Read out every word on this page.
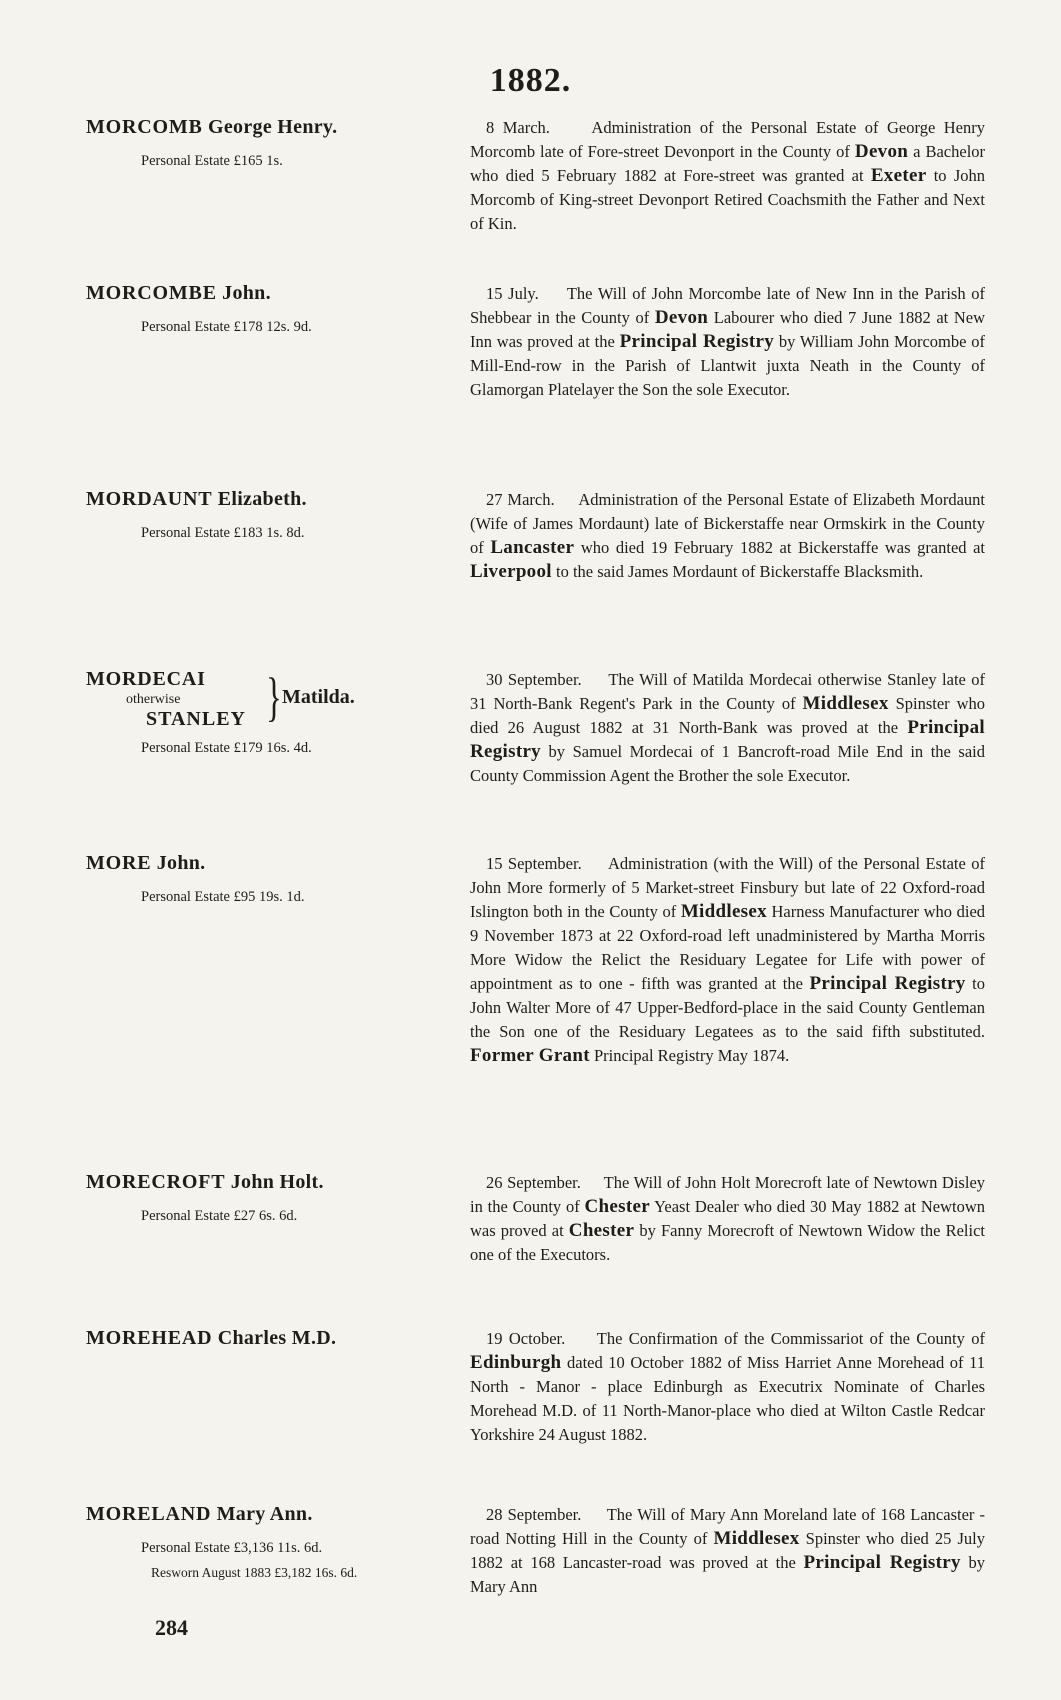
1882.
MORCOMB George Henry.
Personal Estate £165 1s.
8 March.	Administration of the Personal Estate of George Henry Morcomb late of Fore-street Devonport in the County of Devon a Bachelor who died 5 February 1882 at Fore-street was granted at Exeter to John Morcomb of King-street Devonport Retired Coachsmith the Father and Next of Kin.
MORCOMBE John.
Personal Estate £178 12s. 9d.
15 July. The Will of John Morcombe late of New Inn in the Parish of Shebbear in the County of Devon Labourer who died 7 June 1882 at New Inn was proved at the Principal Registry by William John Morcombe of Mill-End-row in the Parish of Llantwit juxta Neath in the County of Glamorgan Platelayer the Son the sole Executor.
MORDAUNT Elizabeth.
Personal Estate £183 1s. 8d.
27 March. Administration of the Personal Estate of Elizabeth Mordaunt (Wife of James Mordaunt) late of Bickerstaffe near Ormskirk in the County of Lancaster who died 19 February 1882 at Bickerstaffe was granted at Liverpool to the said James Mordaunt of Bickerstaffe Blacksmith.
MORDECAI
otherwise
STANLEY } Matilda.
Personal Estate £179 16s. 4d.
30 September. The Will of Matilda Mordecai otherwise Stanley late of 31 North-Bank Regent's Park in the County of Middlesex Spinster who died 26 August 1882 at 31 North-Bank was proved at the Principal Registry by Samuel Mordecai of 1 Bancroft-road Mile End in the said County Commission Agent the Brother the sole Executor.
MORE John.
Personal Estate £95 19s. 1d.
15 September. Administration (with the Will) of the Personal Estate of John More formerly of 5 Market-street Finsbury but late of 22 Oxford-road Islington both in the County of Middlesex Harness Manufacturer who died 9 November 1873 at 22 Oxford-road left unadministered by Martha Morris More Widow the Relict the Residuary Legatee for Life with power of appointment as to one - fifth was granted at the Principal Registry to John Walter More of 47 Upper-Bedford-place in the said County Gentleman the Son one of the Residuary Legatees as to the said fifth substituted. Former Grant Principal Registry May 1874.
MORECROFT John Holt.
Personal Estate £27 6s. 6d.
26 September. The Will of John Holt Morecroft late of Newtown Disley in the County of Chester Yeast Dealer who died 30 May 1882 at Newtown was proved at Chester by Fanny Morecroft of Newtown Widow the Relict one of the Executors.
MOREHEAD Charles M.D.	19 October. The Confirmation of the Commissariot of the County of Edinburgh dated 10 October 1882 of Miss Harriet Anne Morehead of 11 North - Manor - place Edinburgh as Executrix Nominate of Charles Morehead M.D. of 11 North-Manor-place who died at Wilton Castle Redcar Yorkshire 24 August 1882.
MORELAND Mary Ann.
Personal Estate £3,136 11s. 6d.
Resworn August 1883 £3,182 16s. 6d.
28 September. The Will of Mary Ann Moreland late of 168 Lancaster - road Notting Hill in the County of Middlesex Spinster who died 25 July 1882 at 168 Lancaster-road was proved at the Principal Registry by Mary Ann
284
